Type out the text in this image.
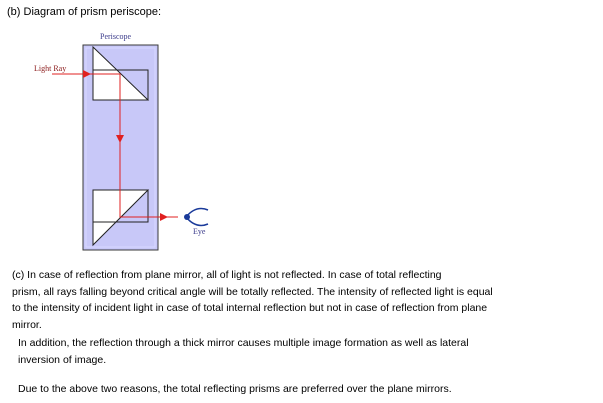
(b) Diagram of prism periscope:
Periscope
Light Ray
Eye
(c) In case of reflection from plane mirror, all of light is not reflected. In case of total reflecting
prism, all rays falling beyond critical angle will be totally reflected. The intensity of reflected light is equal
to the intensity of incident light in case of total internal reflection but not in case of reflection from plane
mirror.
In addition, the reflection through a thick mirror causes multiple image formation as well as lateral
inversion of image.
Due to the above two reasons, the total reflecting prisms are preferred over the plane mirrors.
